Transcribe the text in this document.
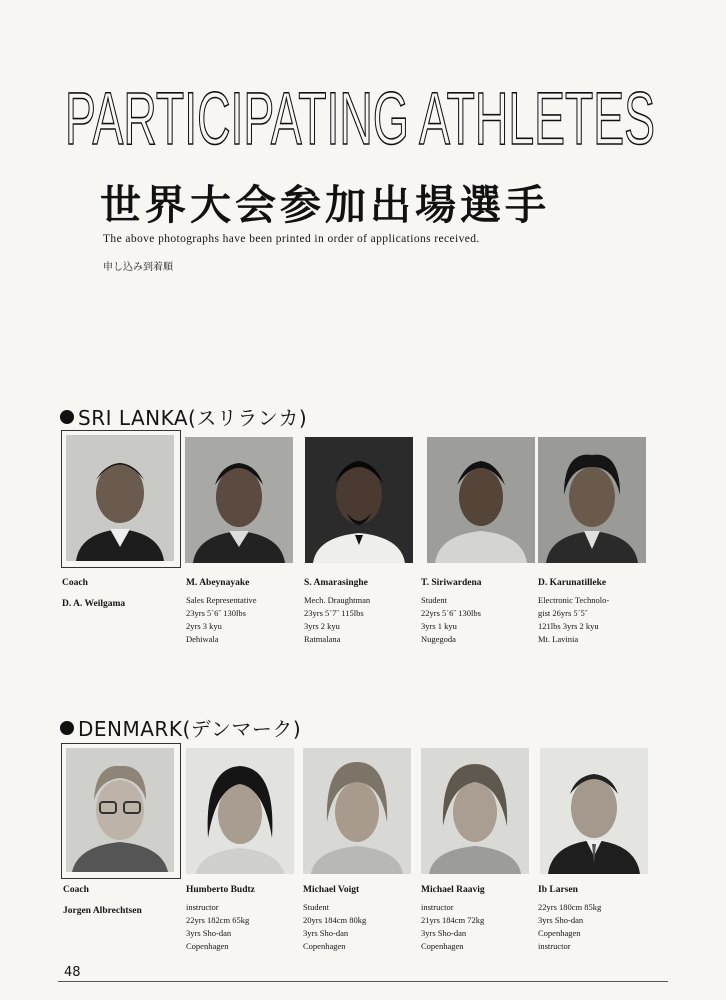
PARTICIPATING ATHLETES
世界大会参加出場選手
The above photographs have been printed in order of applications received.
申し込み到着順
SRI LANKA(スリランカ)
Coach
D. A. Weilgama
M. Abeynayake
Sales Representative
23yrs 5´6˝ 130lbs
2yrs 3 kyu
Dehiwala
S. Amarasinghe
Mech. Draughtman
23yrs 5´7˝ 115lbs
3yrs 2 kyu
Ratmalana
T. Siriwardena
Student
22yrs 5´6˝ 130lbs
3yrs 1 kyu
Nugegoda
D. Karunatilleke
Electronic Technolo-
gist 26yrs 5´5˝
121lbs 3yrs 2 kyu
Mt. Lavinia
DENMARK(デンマーク)
Coach
Jorgen Albrechtsen
Humberto Budtz
instructor
22yrs 182cm 65kg
3yrs Sho-dan
Copenhagen
Michael Voigt
Student
20yrs 184cm 80kg
3yrs Sho-dan
Copenhagen
Michael Raavig
instructor
21yrs 184cm 72kg
3yrs Sho-dan
Copenhagen
Ib Larsen
22yrs 180cm 85kg
3yrs Sho-dan
Copenhagen
instructor
48
